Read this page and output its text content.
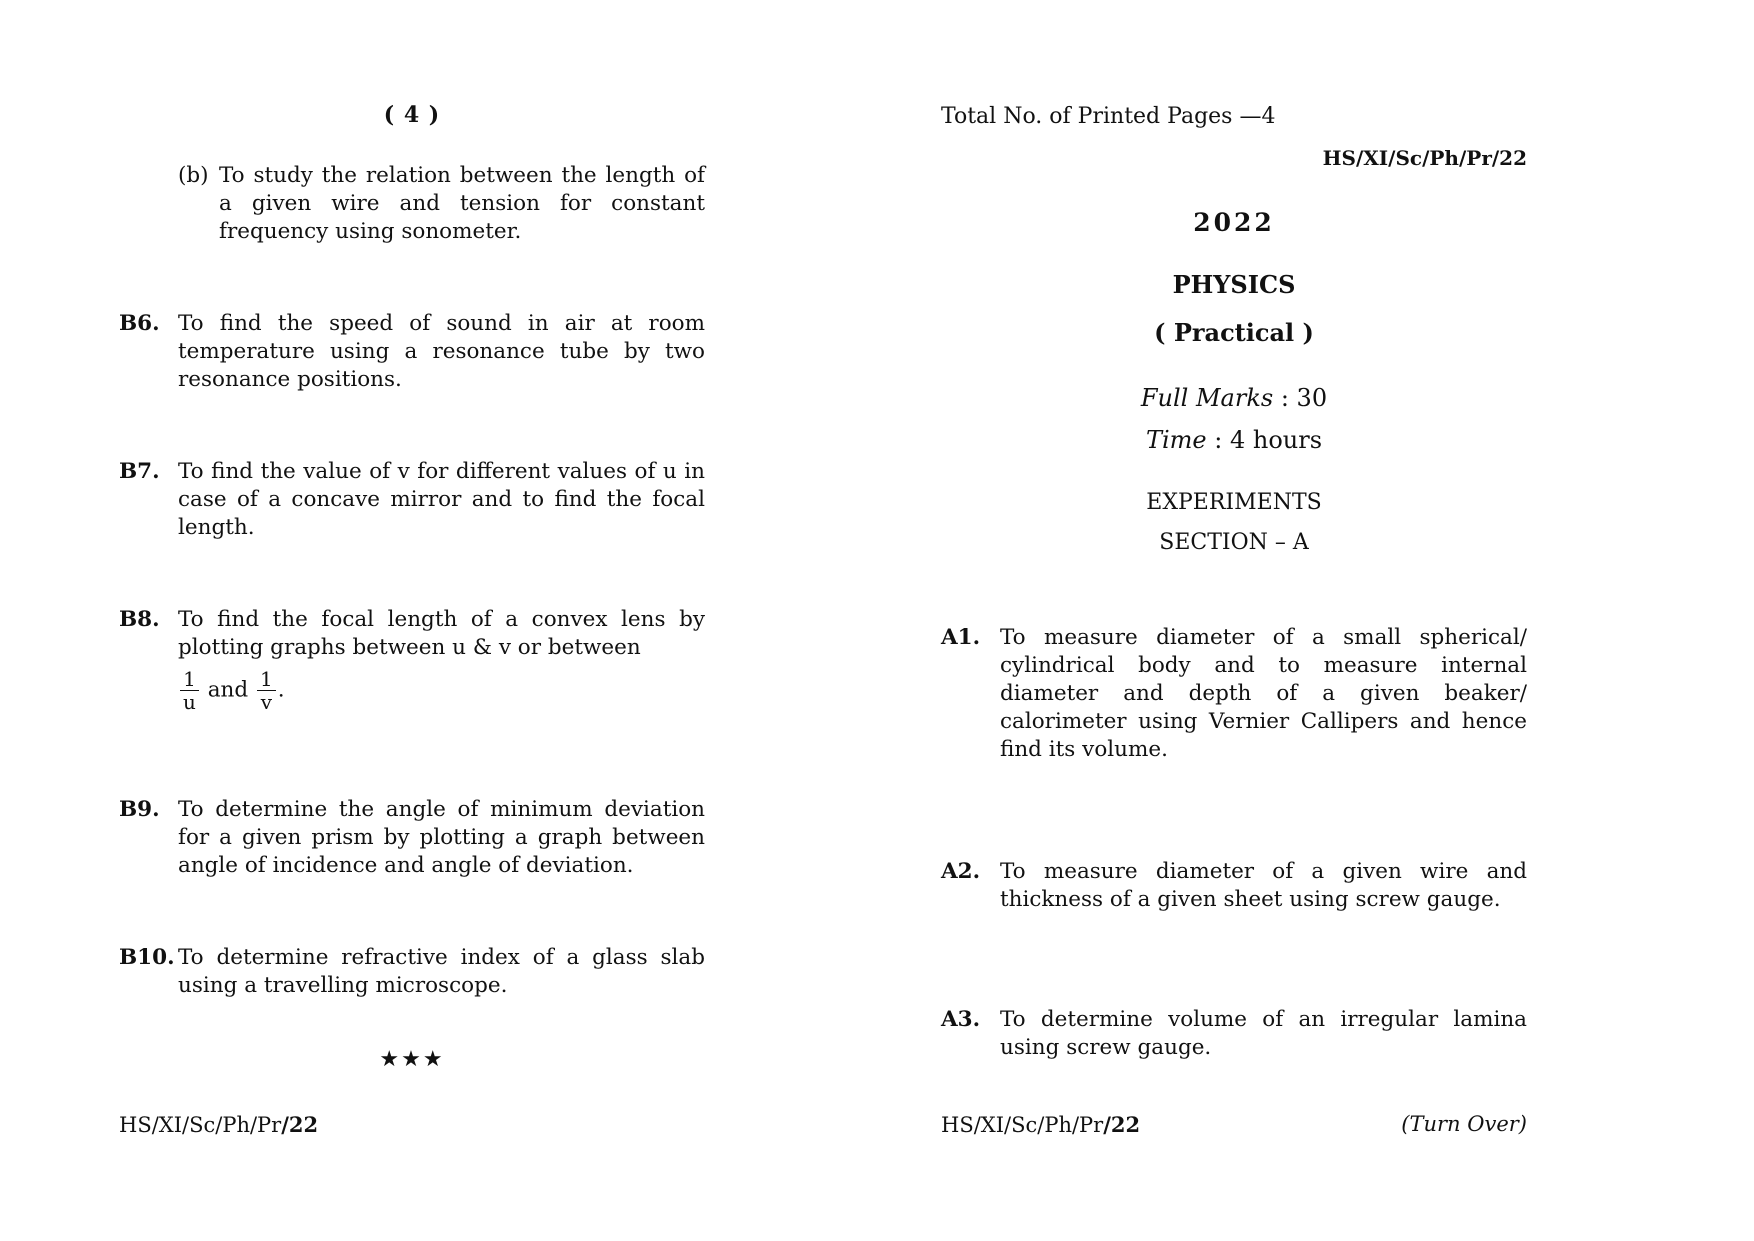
( 4 )
(b) To study the relation between the length of a given wire and tension for constant frequency using sonometer.
B6. To find the speed of sound in air at room temperature using a resonance tube by two resonance positions.
B7. To find the value of v for different values of u in case of a concave mirror and to find the focal length.
B8. To find the focal length of a convex lens by plotting graphs between u & v or between
$\frac{1}{u}$ and $\frac{1}{v}$ .
B9. To determine the angle of minimum deviation for a given prism by plotting a graph between angle of incidence and angle of deviation.
B10. To determine refractive index of a glass slab using a travelling microscope.
★★★
HS/XI/Sc/Ph/Pr/22
Total No. of Printed Pages —4
HS/XI/Sc/Ph/Pr/22
2022
PHYSICS
( Practical )
Full Marks : 30
Time : 4 hours
EXPERIMENTS
SECTION – A
A1. To measure diameter of a small spherical/ cylindrical body and to measure internal diameter and depth of a given beaker/ calorimeter using Vernier Callipers and hence find its volume.
A2. To measure diameter of a given wire and thickness of a given sheet using screw gauge.
A3. To determine volume of an irregular lamina using screw gauge.
HS/XI/Sc/Ph/Pr/22	(Turn Over)
